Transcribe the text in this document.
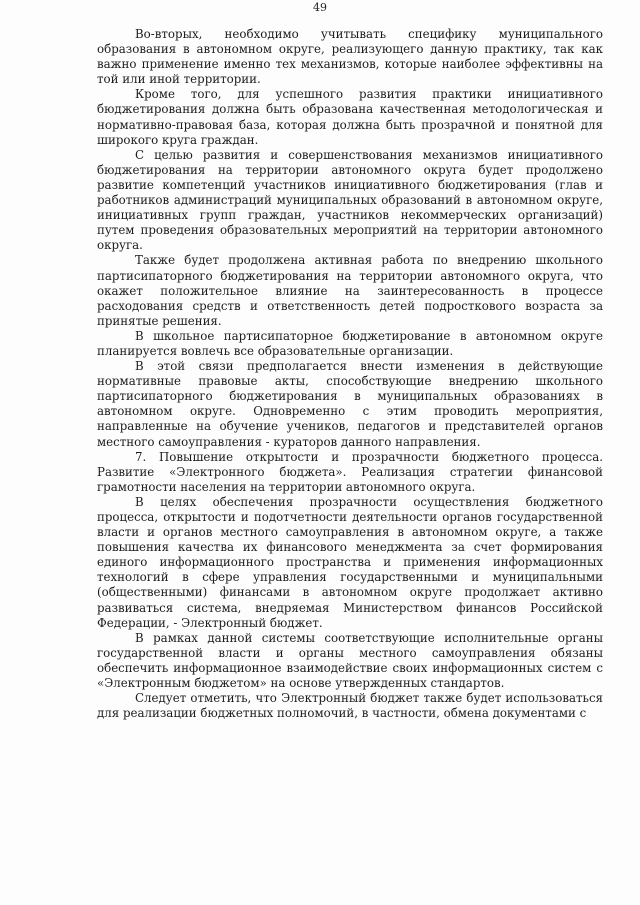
49

Во-вторых, необходимо учитывать специфику муниципального образования в автономном округе, реализующего данную практику, так как важно применение именно тех механизмов, которые наиболее эффективны на той или иной территории.

Кроме того, для успешного развития практики инициативного бюджетирования должна быть образована качественная методологическая и нормативно-правовая база, которая должна быть прозрачной и понятной для широкого круга граждан.

С целью развития и совершенствования механизмов инициативного бюджетирования на территории автономного округа будет продолжено развитие компетенций участников инициативного бюджетирования (глав и работников администраций муниципальных образований в автономном округе, инициативных групп граждан, участников некоммерческих организаций) путем проведения образовательных мероприятий на территории автономного округа.

Также будет продолжена активная работа по внедрению школьного партисипаторного бюджетирования на территории автономного округа, что окажет положительное влияние на заинтересованность в процессе расходования средств и ответственность детей подросткового возраста за принятые решения.

В школьное партисипаторное бюджетирование в автономном округе планируется вовлечь все образовательные организации.

В этой связи предполагается внести изменения в действующие нормативные правовые акты, способствующие внедрению школьного партисипаторного бюджетирования в муниципальных образованиях в автономном округе. Одновременно с этим проводить мероприятия, направленные на обучение учеников, педагогов и представителей органов местного самоуправления - кураторов данного направления.

7. Повышение открытости и прозрачности бюджетного процесса. Развитие «Электронного бюджета». Реализация стратегии финансовой грамотности населения на территории автономного округа.

В целях обеспечения прозрачности осуществления бюджетного процесса, открытости и подотчетности деятельности органов государственной власти и органов местного самоуправления в автономном округе, а также повышения качества их финансового менеджмента за счет формирования единого информационного пространства и применения информационных технологий в сфере управления государственными и муниципальными (общественными) финансами в автономном округе продолжает активно развиваться система, внедряемая Министерством финансов Российской Федерации, - Электронный бюджет.

В рамках данной системы соответствующие исполнительные органы государственной власти и органы местного самоуправления обязаны обеспечить информационное взаимодействие своих информационных систем с «Электронным бюджетом» на основе утвержденных стандартов.

Следует отметить, что Электронный бюджет также будет использоваться для реализации бюджетных полномочий, в частности, обмена документами с
